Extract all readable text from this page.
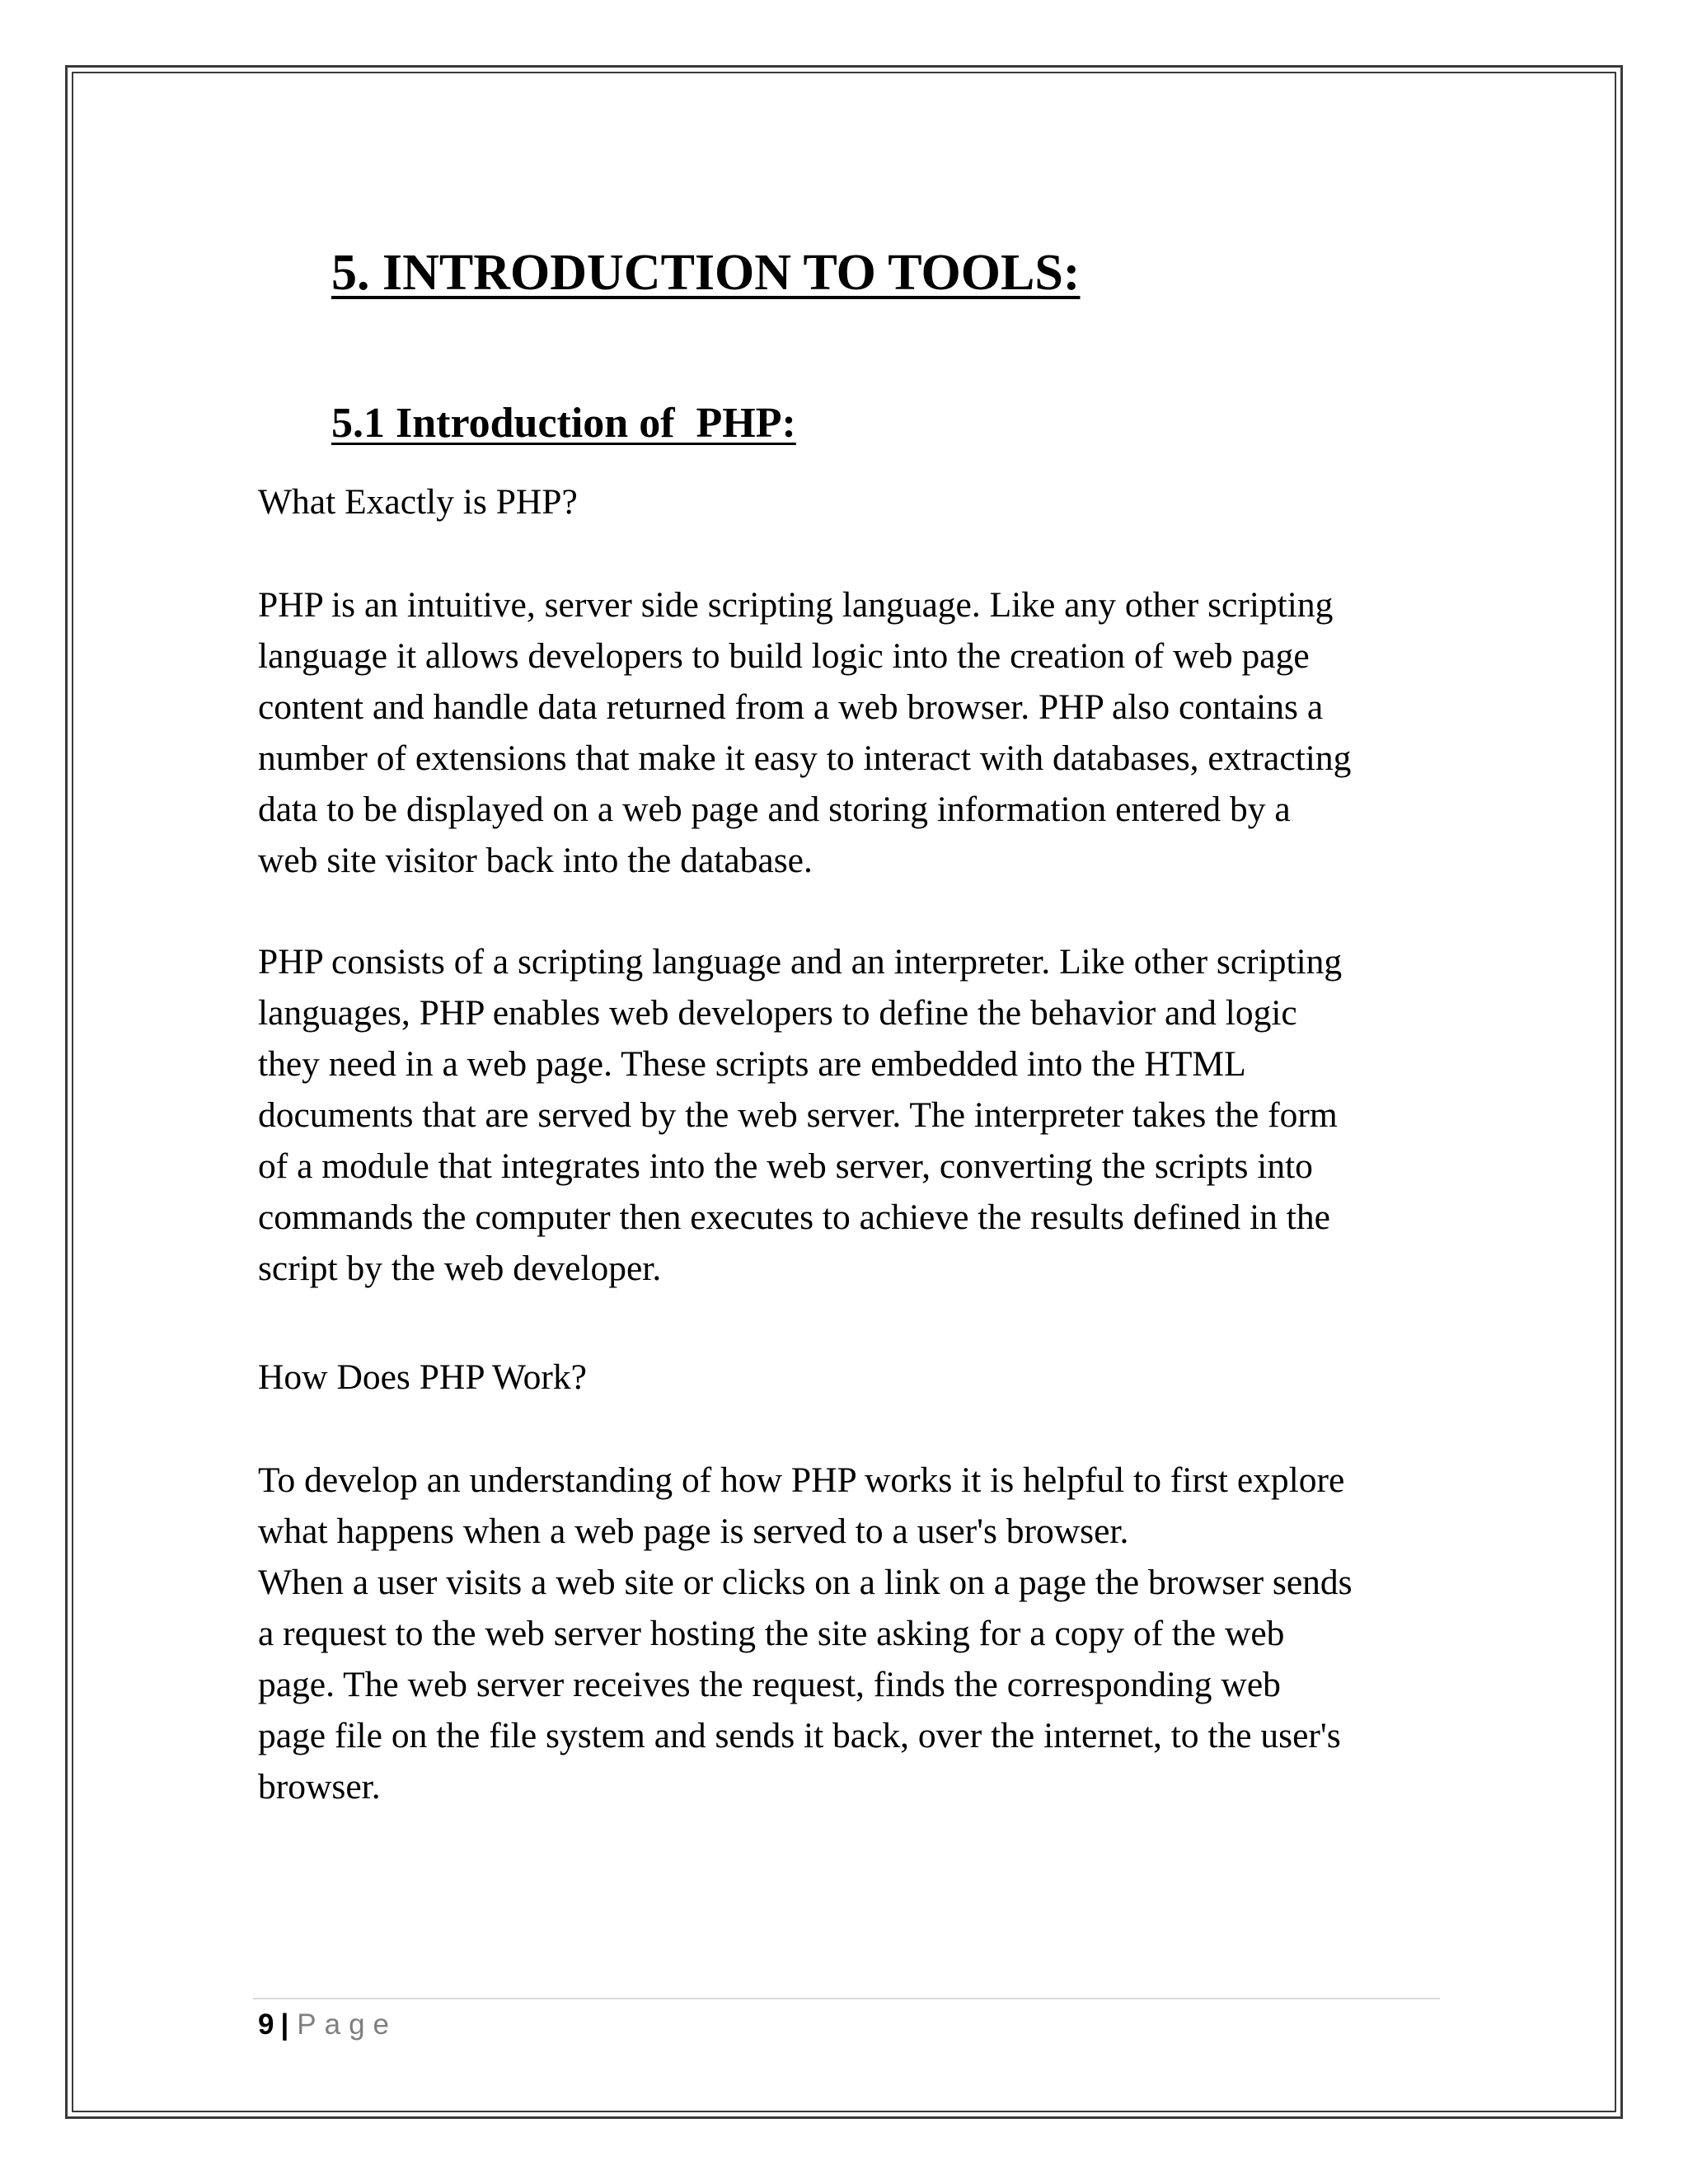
5. INTRODUCTION TO TOOLS:
5.1 Introduction of  PHP:
What Exactly is PHP?
PHP is an intuitive, server side scripting language. Like any other scripting
language it allows developers to build logic into the creation of web page
content and handle data returned from a web browser. PHP also contains a
number of extensions that make it easy to interact with databases, extracting
data to be displayed on a web page and storing information entered by a
web site visitor back into the database.
PHP consists of a scripting language and an interpreter. Like other scripting
languages, PHP enables web developers to define the behavior and logic
they need in a web page. These scripts are embedded into the HTML
documents that are served by the web server. The interpreter takes the form
of a module that integrates into the web server, converting the scripts into
commands the computer then executes to achieve the results defined in the
script by the web developer.
How Does PHP Work?
To develop an understanding of how PHP works it is helpful to first explore
what happens when a web page is served to a user's browser.
When a user visits a web site or clicks on a link on a page the browser sends
a request to the web server hosting the site asking for a copy of the web
page. The web server receives the request, finds the corresponding web
page file on the file system and sends it back, over the internet, to the user's
browser.
9 | Page
